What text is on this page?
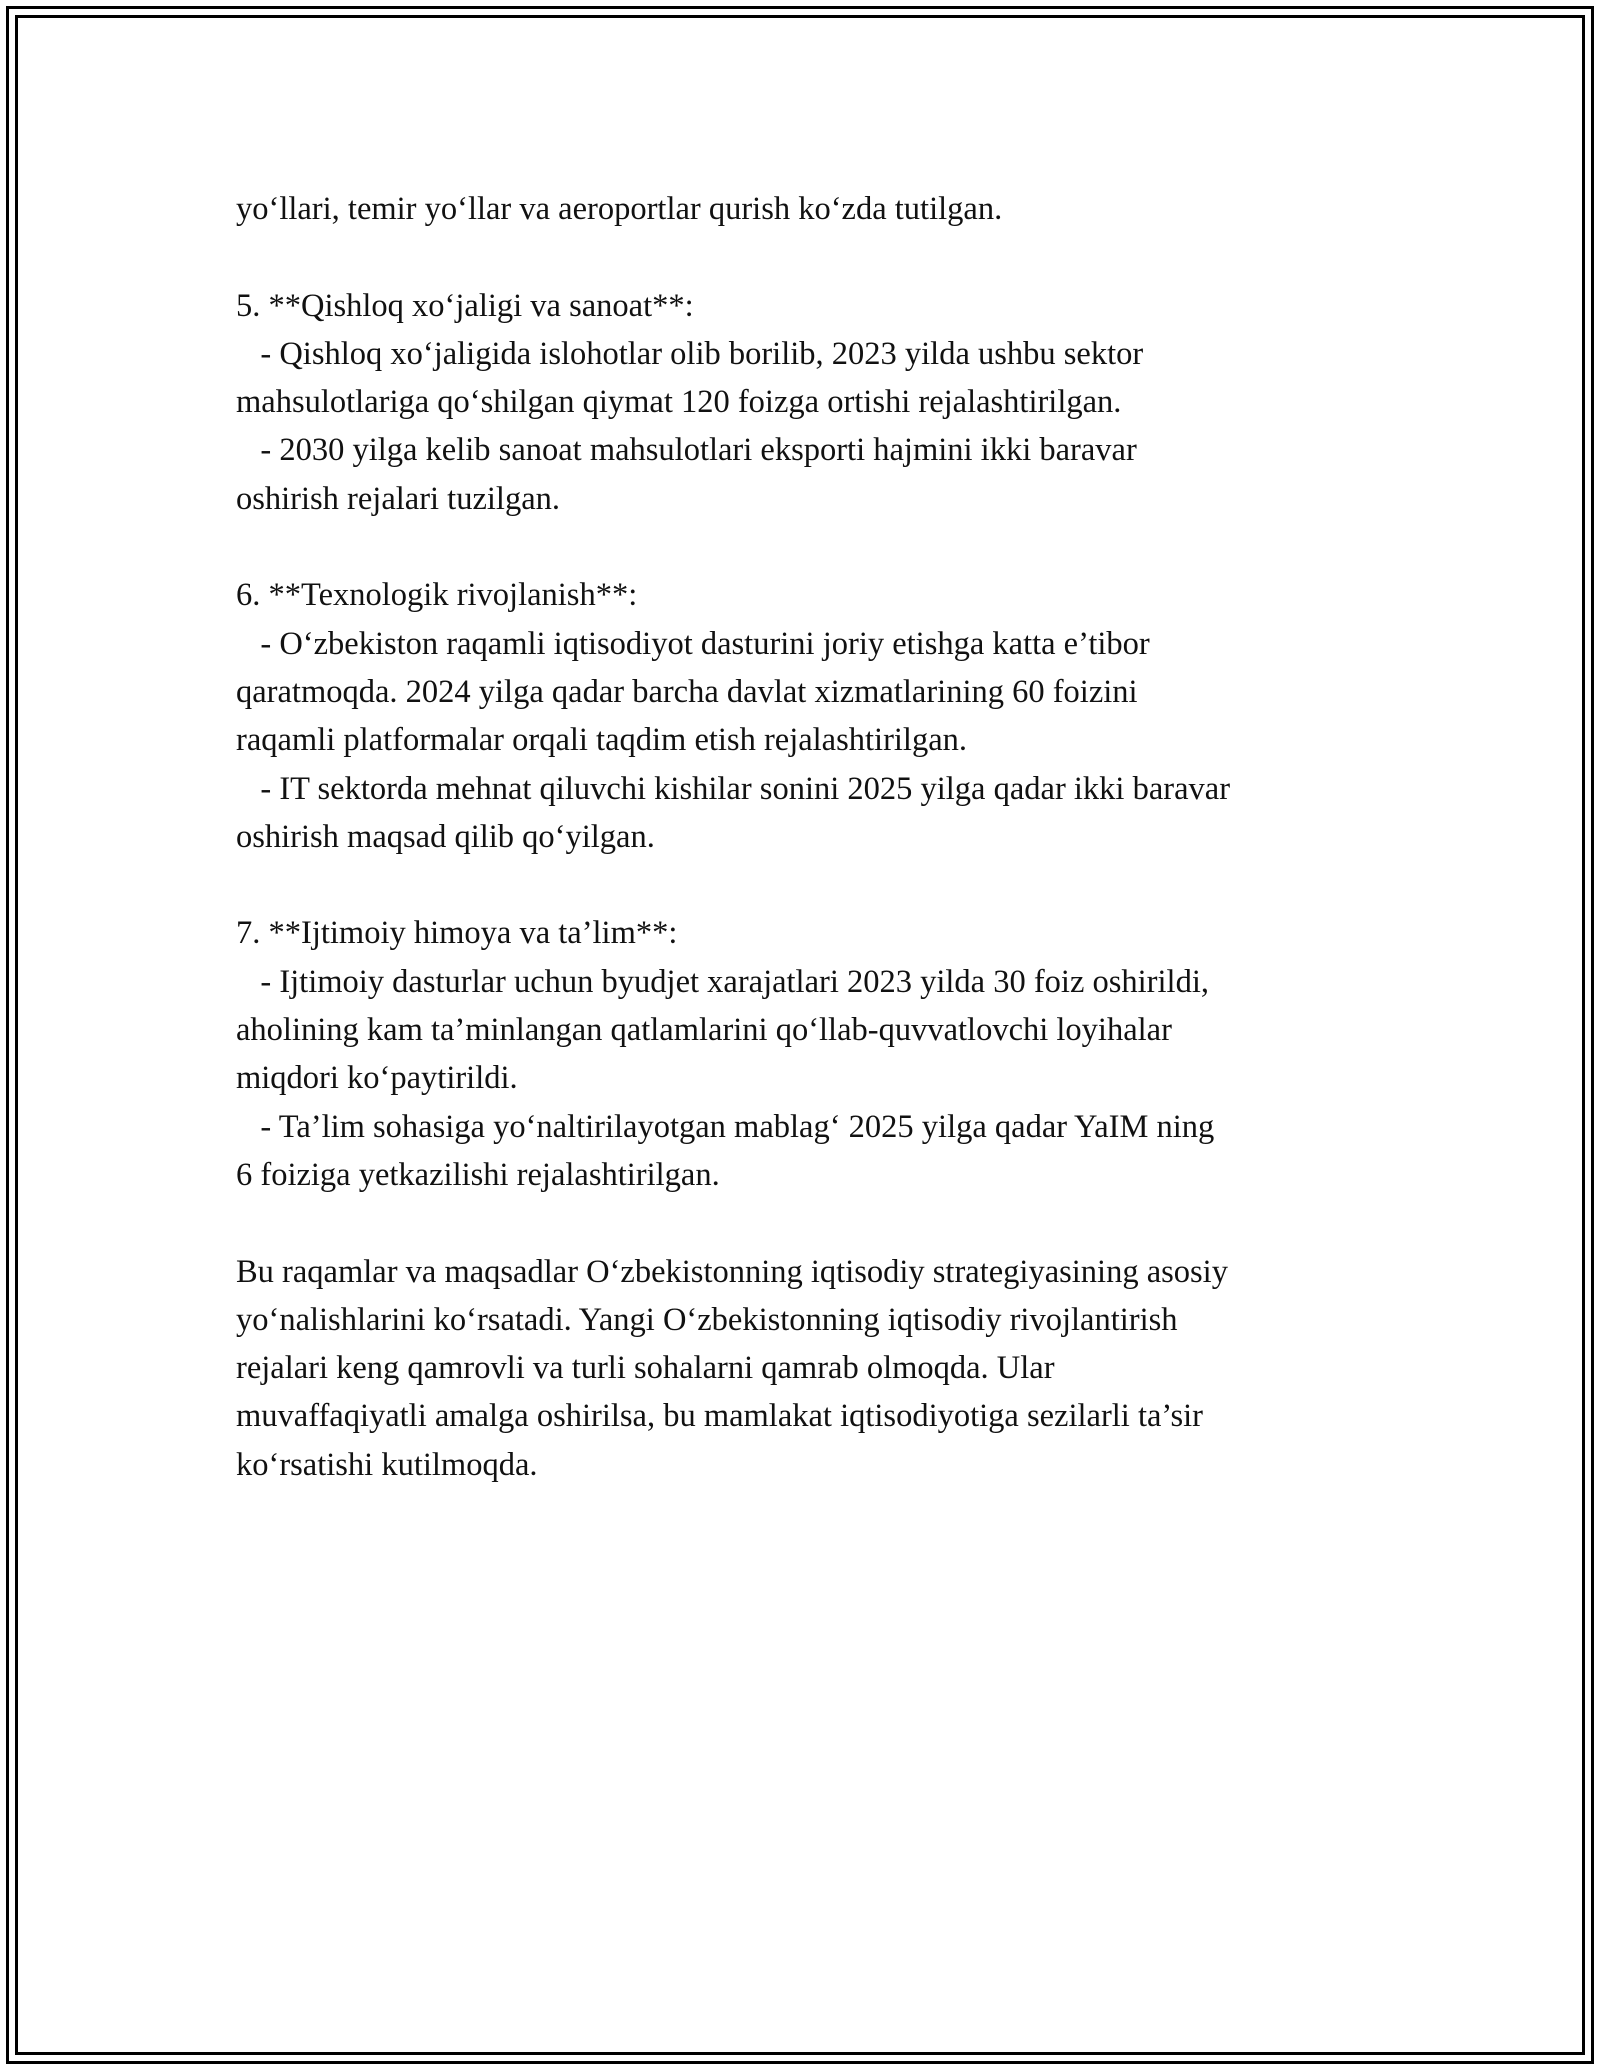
yo‘llari, temir yo‘llar va aeroportlar qurish ko‘zda tutilgan.

5. **Qishloq xo‘jaligi va sanoat**:

- Qishloq xo‘jaligida islohotlar olib borilib, 2023 yilda ushbu sektor

mahsulotlariga qo‘shilgan qiymat 120 foizga ortishi rejalashtirilgan.

- 2030 yilga kelib sanoat mahsulotlari eksporti hajmini ikki baravar

oshirish rejalari tuzilgan.

6. **Texnologik rivojlanish**:

- O‘zbekiston raqamli iqtisodiyot dasturini joriy etishga katta e’tibor

qaratmoqda. 2024 yilga qadar barcha davlat xizmatlarining 60 foizini

raqamli platformalar orqali taqdim etish rejalashtirilgan.

- IT sektorda mehnat qiluvchi kishilar sonini 2025 yilga qadar ikki baravar

oshirish maqsad qilib qo‘yilgan.

7. **Ijtimoiy himoya va ta’lim**:

- Ijtimoiy dasturlar uchun byudjet xarajatlari 2023 yilda 30 foiz oshirildi,

aholining kam ta’minlangan qatlamlarini qo‘llab-quvvatlovchi loyihalar

miqdori ko‘paytirildi.

- Ta’lim sohasiga yo‘naltirilayotgan mablag‘ 2025 yilga qadar YaIM ning

6 foiziga yetkazilishi rejalashtirilgan.

Bu raqamlar va maqsadlar O‘zbekistonning iqtisodiy strategiyasining asosiy

yo‘nalishlarini ko‘rsatadi. Yangi O‘zbekistonning iqtisodiy rivojlantirish

rejalari keng qamrovli va turli sohalarni qamrab olmoqda. Ular

muvaffaqiyatli amalga oshirilsa, bu mamlakat iqtisodiyotiga sezilarli ta’sir

ko‘rsatishi kutilmoqda.
